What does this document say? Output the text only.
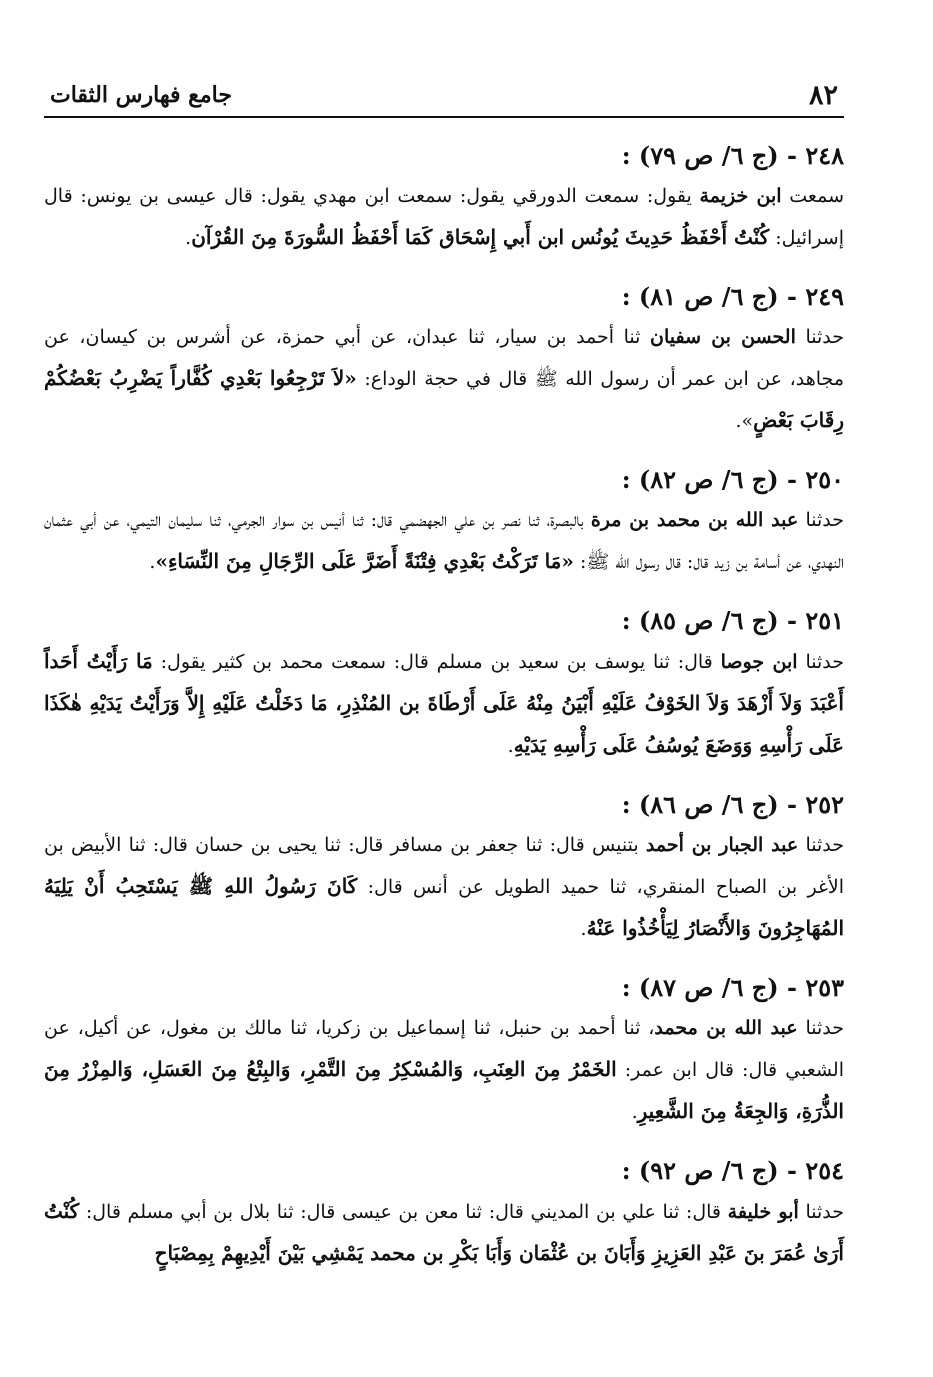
٨٢
جامع فهارس الثقات
٢٤٨ - (ج ٦/ ص ٧٩) :

سمعت ابن خزيمة يقول: سمعت الدورقي يقول: سمعت ابن مهدي يقول: قال عيسى بن يونس: قال إسرائيل: كُنْتُ أَحْفَظُ حَدِيثَ يُونُس ابن أَبي إِسْحَاق كَمَا أَحْفَظُ السُّورَةَ مِنَ القُرْآن.

٢٤٩ - (ج ٦/ ص ٨١) :

حدثنا الحسن بن سفيان ثنا أحمد بن سيار، ثنا عبدان، عن أبي حمزة، عن أشرس بن كيسان، عن مجاهد، عن ابن عمر أن رسول الله ﷺ قال في حجة الوداع: «لاَ تَرْجِعُوا بَعْدِي كُفَّاراً يَضْرِبُ بَعْضُكُمْ رِقَابَ بَعْضٍ».

٢٥٠ - (ج ٦/ ص ٨٢) :

حدثنا عبد الله بن محمد بن مرة بالبصرة، ثنا نصر بن علي الجهضمي قال: ثنا أنيس بن سوار الجرمي، ثنا سليمان التيمي، عن أبي عثمان النهدي، عن أسامة بن زيد قال: قال رسول الله ﷺ: «مَا تَرَكْتُ بَعْدِي فِتْنَةً أَضَرَّ عَلَى الرِّجَالِ مِنَ النِّسَاءِ».

٢٥١ - (ج ٦/ ص ٨٥) :

حدثنا ابن جوصا قال: ثنا يوسف بن سعيد بن مسلم قال: سمعت محمد بن كثير يقول: مَا رَأَيْتُ أَحَداً أَعْبَدَ وَلاَ أَزْهَدَ وَلاَ الخَوْفُ عَلَيْهِ أَبْيَنُ مِنْهُ عَلَى أَرْطَاةَ بن المُنْذِرِ، مَا دَخَلْتُ عَلَيْهِ إِلاَّ وَرَأَيْتُ يَدَيْهِ هٰكَذَا عَلَى رَأْسِهِ وَوَضَعَ يُوسُفُ عَلَى رَأْسِهِ يَدَيْهِ.

٢٥٢ - (ج ٦/ ص ٨٦) :

حدثنا عبد الجبار بن أحمد بتنيس قال: ثنا جعفر بن مسافر قال: ثنا يحيى بن حسان قال: ثنا الأبيض بن الأغر بن الصباح المنقري، ثنا حميد الطويل عن أنس قال: كَانَ رَسُولُ اللهِ ﷺ يَسْتَحِبُ أَنْ يَلِيَهُ المُهَاجِرُونَ وَالأَنْصَارُ لِيَأْخُذُوا عَنْهُ.

٢٥٣ - (ج ٦/ ص ٨٧) :

حدثنا عبد الله بن محمد، ثنا أحمد بن حنبل، ثنا إسماعيل بن زكريا، ثنا مالك بن مغول، عن أكيل، عن الشعبي قال: قال ابن عمر: الخَمْرُ مِنَ العِنَبِ، وَالمُسْكِرُ مِنَ التَّمْرِ، وَالبِتْعُ مِنَ العَسَلِ، وَالمِزْرُ مِنَ الذُّرَةِ، وَالجِعَةُ مِنَ الشَّعِيرِ.

٢٥٤ - (ج ٦/ ص ٩٢) :

حدثنا أبو خليفة قال: ثنا علي بن المديني قال: ثنا معن بن عيسى قال: ثنا بلال بن أبي مسلم قال: كُنْتُ أَرَىٰ عُمَرَ بنَ عَبْدِ العَزِيزِ وَأَبَانَ بن عُثْمَان وَأَبَا بَكْرِ بن محمد يَمْشِي بَيْنَ أَيْدِيهِمْ بِمِصْبَاحٍ
